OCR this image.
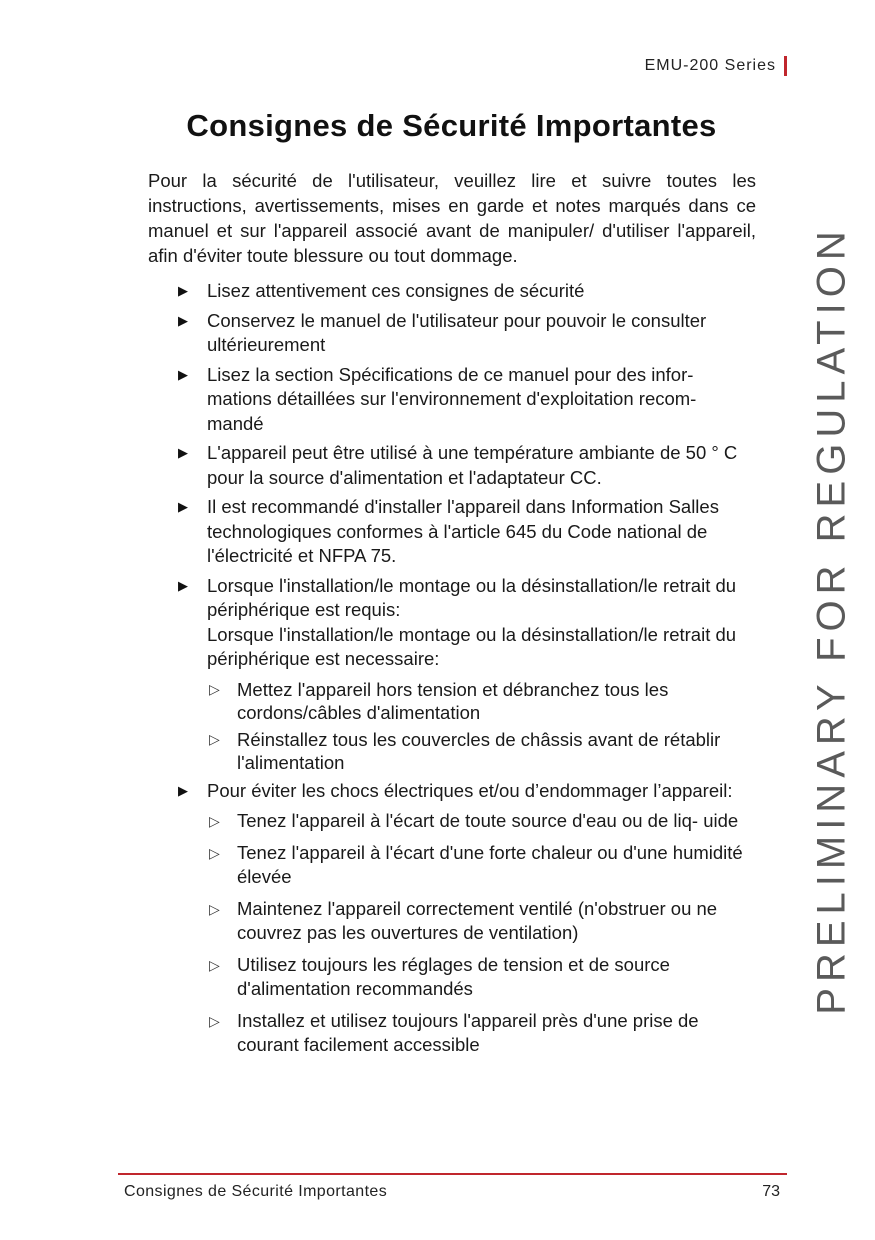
EMU-200 Series
Consignes de Sécurité Importantes

Pour la sécurité de l'utilisateur, veuillez lire et suivre toutes les instructions, avertissements, mises en garde et notes marqués dans ce manuel et sur l'appareil associé avant de manipuler/ d'utiliser l'appareil, afin d'éviter toute blessure ou tout dommage.

▶ Lisez attentivement ces consignes de sécurité
▶ Conservez le manuel de l'utilisateur pour pouvoir le consulter ultérieurement
▶ Lisez la section Spécifications de ce manuel pour des infor- mations détaillées sur l'environnement d'exploitation recom- mandé
▶ L'appareil peut être utilisé à une température ambiante de 50 ° C pour la source d'alimentation et l'adaptateur CC.
▶ Il est recommandé d'installer l'appareil dans Information Salles technologiques conformes à l'article 645 du Code national de l'électricité et NFPA 75.
▶ Lorsque l'installation/le montage ou la désinstallation/le retrait du périphérique est requis:
Lorsque l'installation/le montage ou la désinstallation/le retrait du périphérique est necessaire:
▷ Mettez l'appareil hors tension et débranchez tous les cordons/câbles d'alimentation
▷ Réinstallez tous les couvercles de châssis avant de rétablir l'alimentation
▶ Pour éviter les chocs électriques et/ou d’endommager l’appareil:
▷ Tenez l'appareil à l'écart de toute source d'eau ou de liq- uide
▷ Tenez l'appareil à l'écart d'une forte chaleur ou d'une humidité élevée
▷ Maintenez l'appareil correctement ventilé (n'obstruer ou ne couvrez pas les ouvertures de ventilation)
▷ Utilisez toujours les réglages de tension et de source d'alimentation recommandés
▷ Installez et utilisez toujours l'appareil près d'une prise de courant facilement accessible
PRELIMINARY FOR REGULATION
Consignes de Sécurité Importantes	73
